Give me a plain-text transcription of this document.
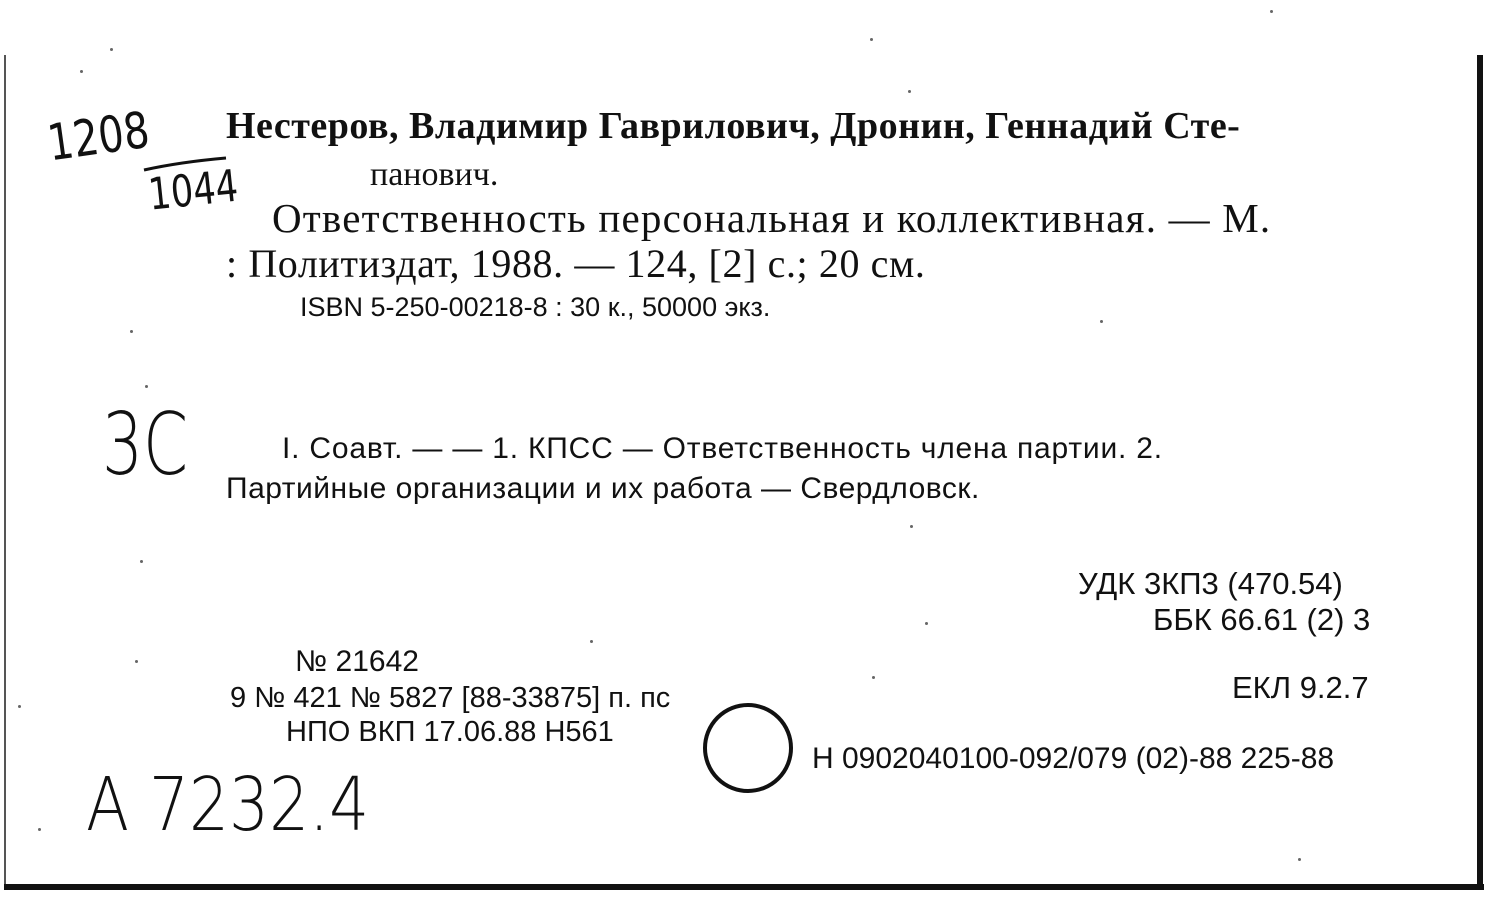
1208
1044
Нестеров, Владимир Гаврилович, Дронин, Геннадий Сте-
панович.
Ответственность персональная и коллективная. — М.
: Политиздат, 1988. — 124, [2] с.; 20 см.
ISBN 5-250-00218-8 : 30 к., 50000 экз.
3C	I. Соавт. — — 1. КПСС — Ответственность члена партии. 2.
Партийные организации и их работа — Свердловск.
УДК 3КП3 (470.54)
ББК 66.61 (2) 3
№ 21642
9 № 421 № 5827 [88-33875] п. пс
НПО ВКП 17.06.88 Н561
ЕКЛ 9.2.7
Н 0902040100-092/079 (02)-88 225-88
A 7232.4
